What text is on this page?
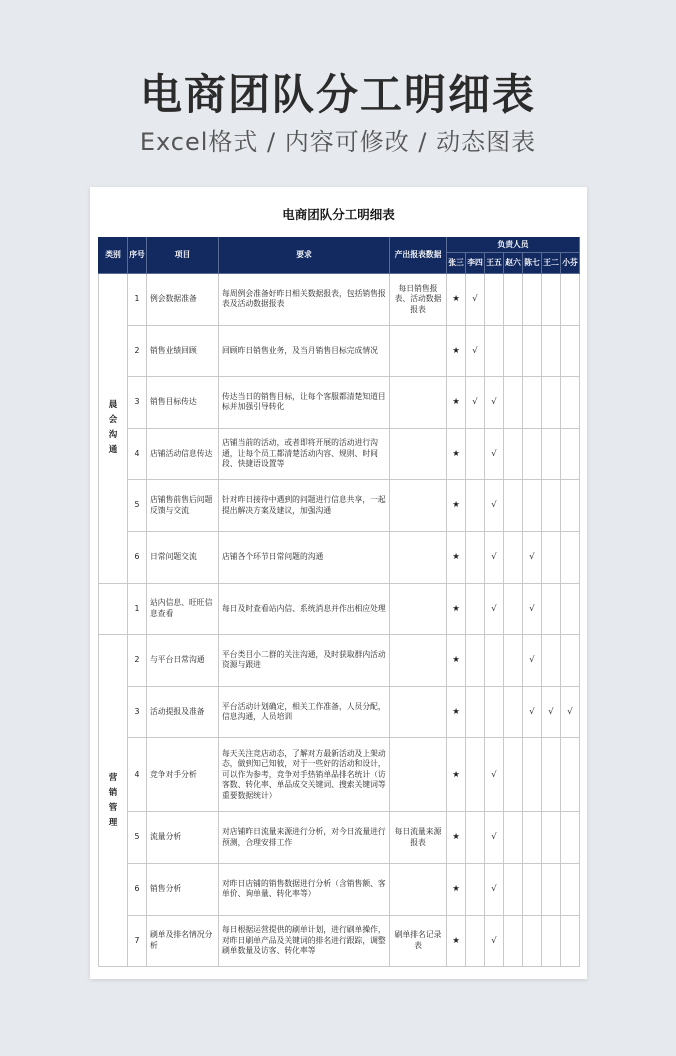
电商团队分工明细表
Excel格式 / 内容可修改 / 动态图表
电商团队分工明细表
类别	序号	项目	要求	产出报表数据	负责人员						
					张三	李四	王五	赵六	陈七	王二	小芬
晨
会
沟
通	1	例会数据准备	每周例会准备好昨日相关数据报表，包括销售报表及活动数据报表	每日销售报表、活动数据报表	★	√					
	2	销售业绩回顾	回顾昨日销售业务，及当月销售目标完成情况		★	√					
	3	销售目标传达	传达当日的销售目标，让每个客服都清楚知道目标并加强引导转化		★	√	√				
	4	店铺活动信息传达	店铺当前的活动，或者即将开展的活动进行沟通，让每个员工都清楚活动内容、规则、时间段、快捷语设置等		★		√				
	5	店铺售前售后问题反馈与交流	针对昨日接待中遇到的问题进行信息共享，一起提出解决方案及建议，加强沟通		★		√				
	6	日常问题交流	店铺各个环节日常问题的沟通		★		√		√		
	1	站内信息、旺旺信息查看	每日及时查看站内信、系统消息并作出相应处理		★		√		√		
营
销
管
理	2	与平台日常沟通	平台类目小二群的关注沟通，及时获取群内活动资源与跟进		★				√		
	3	活动提报及准备	平台活动计划确定，相关工作准备，人员分配，信息沟通，人员培训		★				√	√	√
	4	竞争对手分析	每天关注竞店动态，了解对方最新活动及上架动态，做到知己知彼，对于一些好的活动和设计，可以作为参考，竞争对手热销单品排名统计（访客数、转化率、单品成交关键词、搜索关键词等重要数据统计）		★		√				
	5	流量分析	对店铺昨日流量来源进行分析，对今日流量进行预测，合理安排工作	每日流量来源报表	★		√				
	6	销售分析	对昨日店铺的销售数据进行分析（含销售额、客单价、询单量、转化率等）		★		√				
	7	刷单及排名情况分析	每日根据运营提供的刷单计划，进行刷单操作，对昨日刷单产品及关键词的排名进行跟踪，调整刷单数量及访客、转化率等	刷单排名记录表	★		√				
